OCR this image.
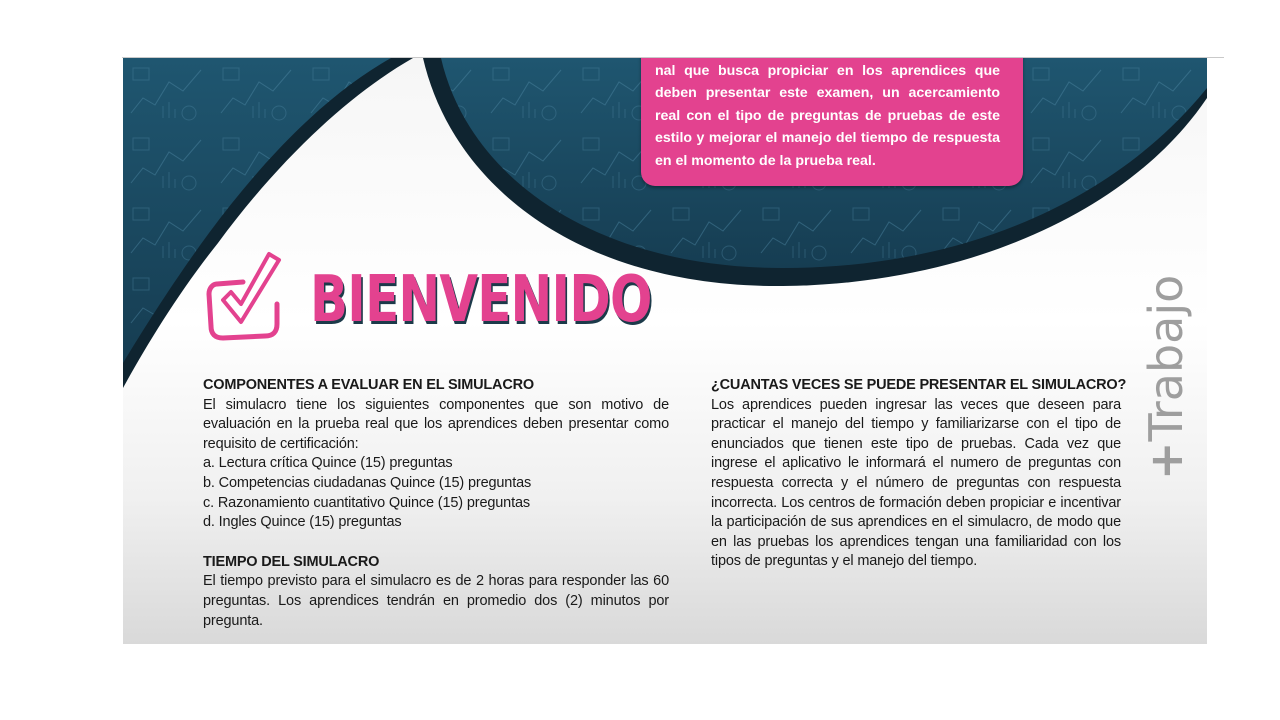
nal que busca propiciar en los aprendices que deben presentar este examen, un acercamiento real con el tipo de preguntas de pruebas de este estilo y mejorar el manejo del tiempo de respuesta en el momento de la prueba real.

BIENVENIDO

COMPONENTES A EVALUAR EN EL SIMULACRO

El simulacro tiene los siguientes componentes que son motivo de evaluación en la prueba real que los aprendices deben presentar como requisito de certificación:

a. Lectura crítica Quince (15) preguntas
b. Competencias ciudadanas Quince (15) preguntas
c. Razonamiento cuantitativo Quince (15) preguntas
d. Ingles Quince (15) preguntas

TIEMPO DEL SIMULACRO

El tiempo previsto para el simulacro es de 2 horas para responder las 60 preguntas. Los aprendices tendrán en promedio dos (2) minutos por pregunta.

¿CUANTAS VECES SE PUEDE PRESENTAR EL SIMULACRO?

Los aprendices pueden ingresar las veces que deseen para practicar el manejo del tiempo y familiarizarse con el tipo de enunciados que tienen este tipo de pruebas. Cada vez que ingrese el aplicativo le informará el numero de preguntas con respuesta correcta y el número de preguntas con respuesta incorrecta. Los centros de formación deben propiciar e incentivar la participación de sus aprendices en el simulacro, de modo que en las pruebas los aprendices tengan una familiaridad con los tipos de preguntas y el manejo del tiempo.

+Trabajo
